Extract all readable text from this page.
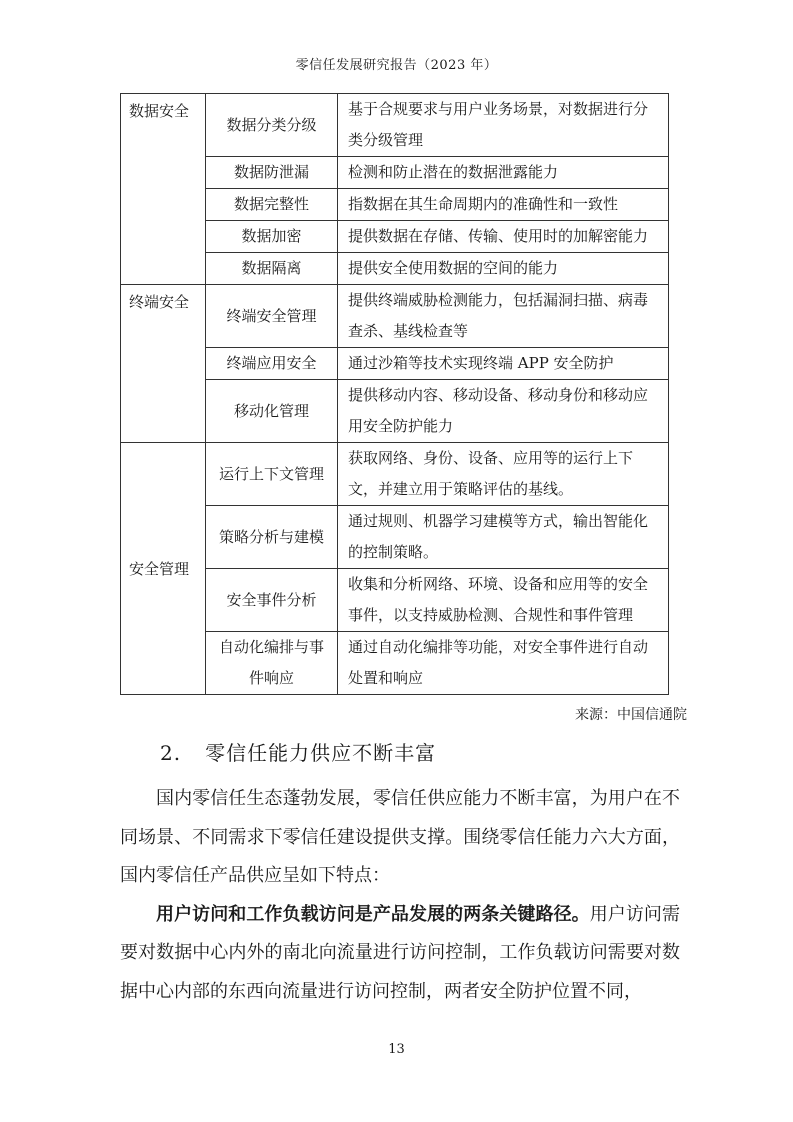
零信任发展研究报告（2023 年）
数据安全	数据分类分级	基于合规要求与用户业务场景，对数据进行分类分级管理
	数据防泄漏	检测和防止潜在的数据泄露能力
	数据完整性	指数据在其生命周期内的准确性和一致性
	数据加密	提供数据在存储、传输、使用时的加解密能力
	数据隔离	提供安全使用数据的空间的能力
终端安全	终端安全管理	提供终端威胁检测能力，包括漏洞扫描、病毒查杀、基线检查等
	终端应用安全	通过沙箱等技术实现终端 APP 安全防护
	移动化管理	提供移动内容、移动设备、移动身份和移动应用安全防护能力
安全管理	运行上下文管理	获取网络、身份、设备、应用等的运行上下文，并建立用于策略评估的基线。
	策略分析与建模	通过规则、机器学习建模等方式，输出智能化的控制策略。
	安全事件分析	收集和分析网络、环境、设备和应用等的安全事件，以支持威胁检测、合规性和事件管理
	自动化编排与事件响应	通过自动化编排等功能，对安全事件进行自动处置和响应
来源：中国信通院
2. 零信任能力供应不断丰富

国内零信任生态蓬勃发展，零信任供应能力不断丰富，为用户在不同场景、不同需求下零信任建设提供支撑。围绕零信任能力六大方面，国内零信任产品供应呈如下特点：

用户访问和工作负载访问是产品发展的两条关键路径。用户访问需要对数据中心内外的南北向流量进行访问控制，工作负载访问需要对数据中心内部的东西向流量进行访问控制，两者安全防护位置不同，

13
